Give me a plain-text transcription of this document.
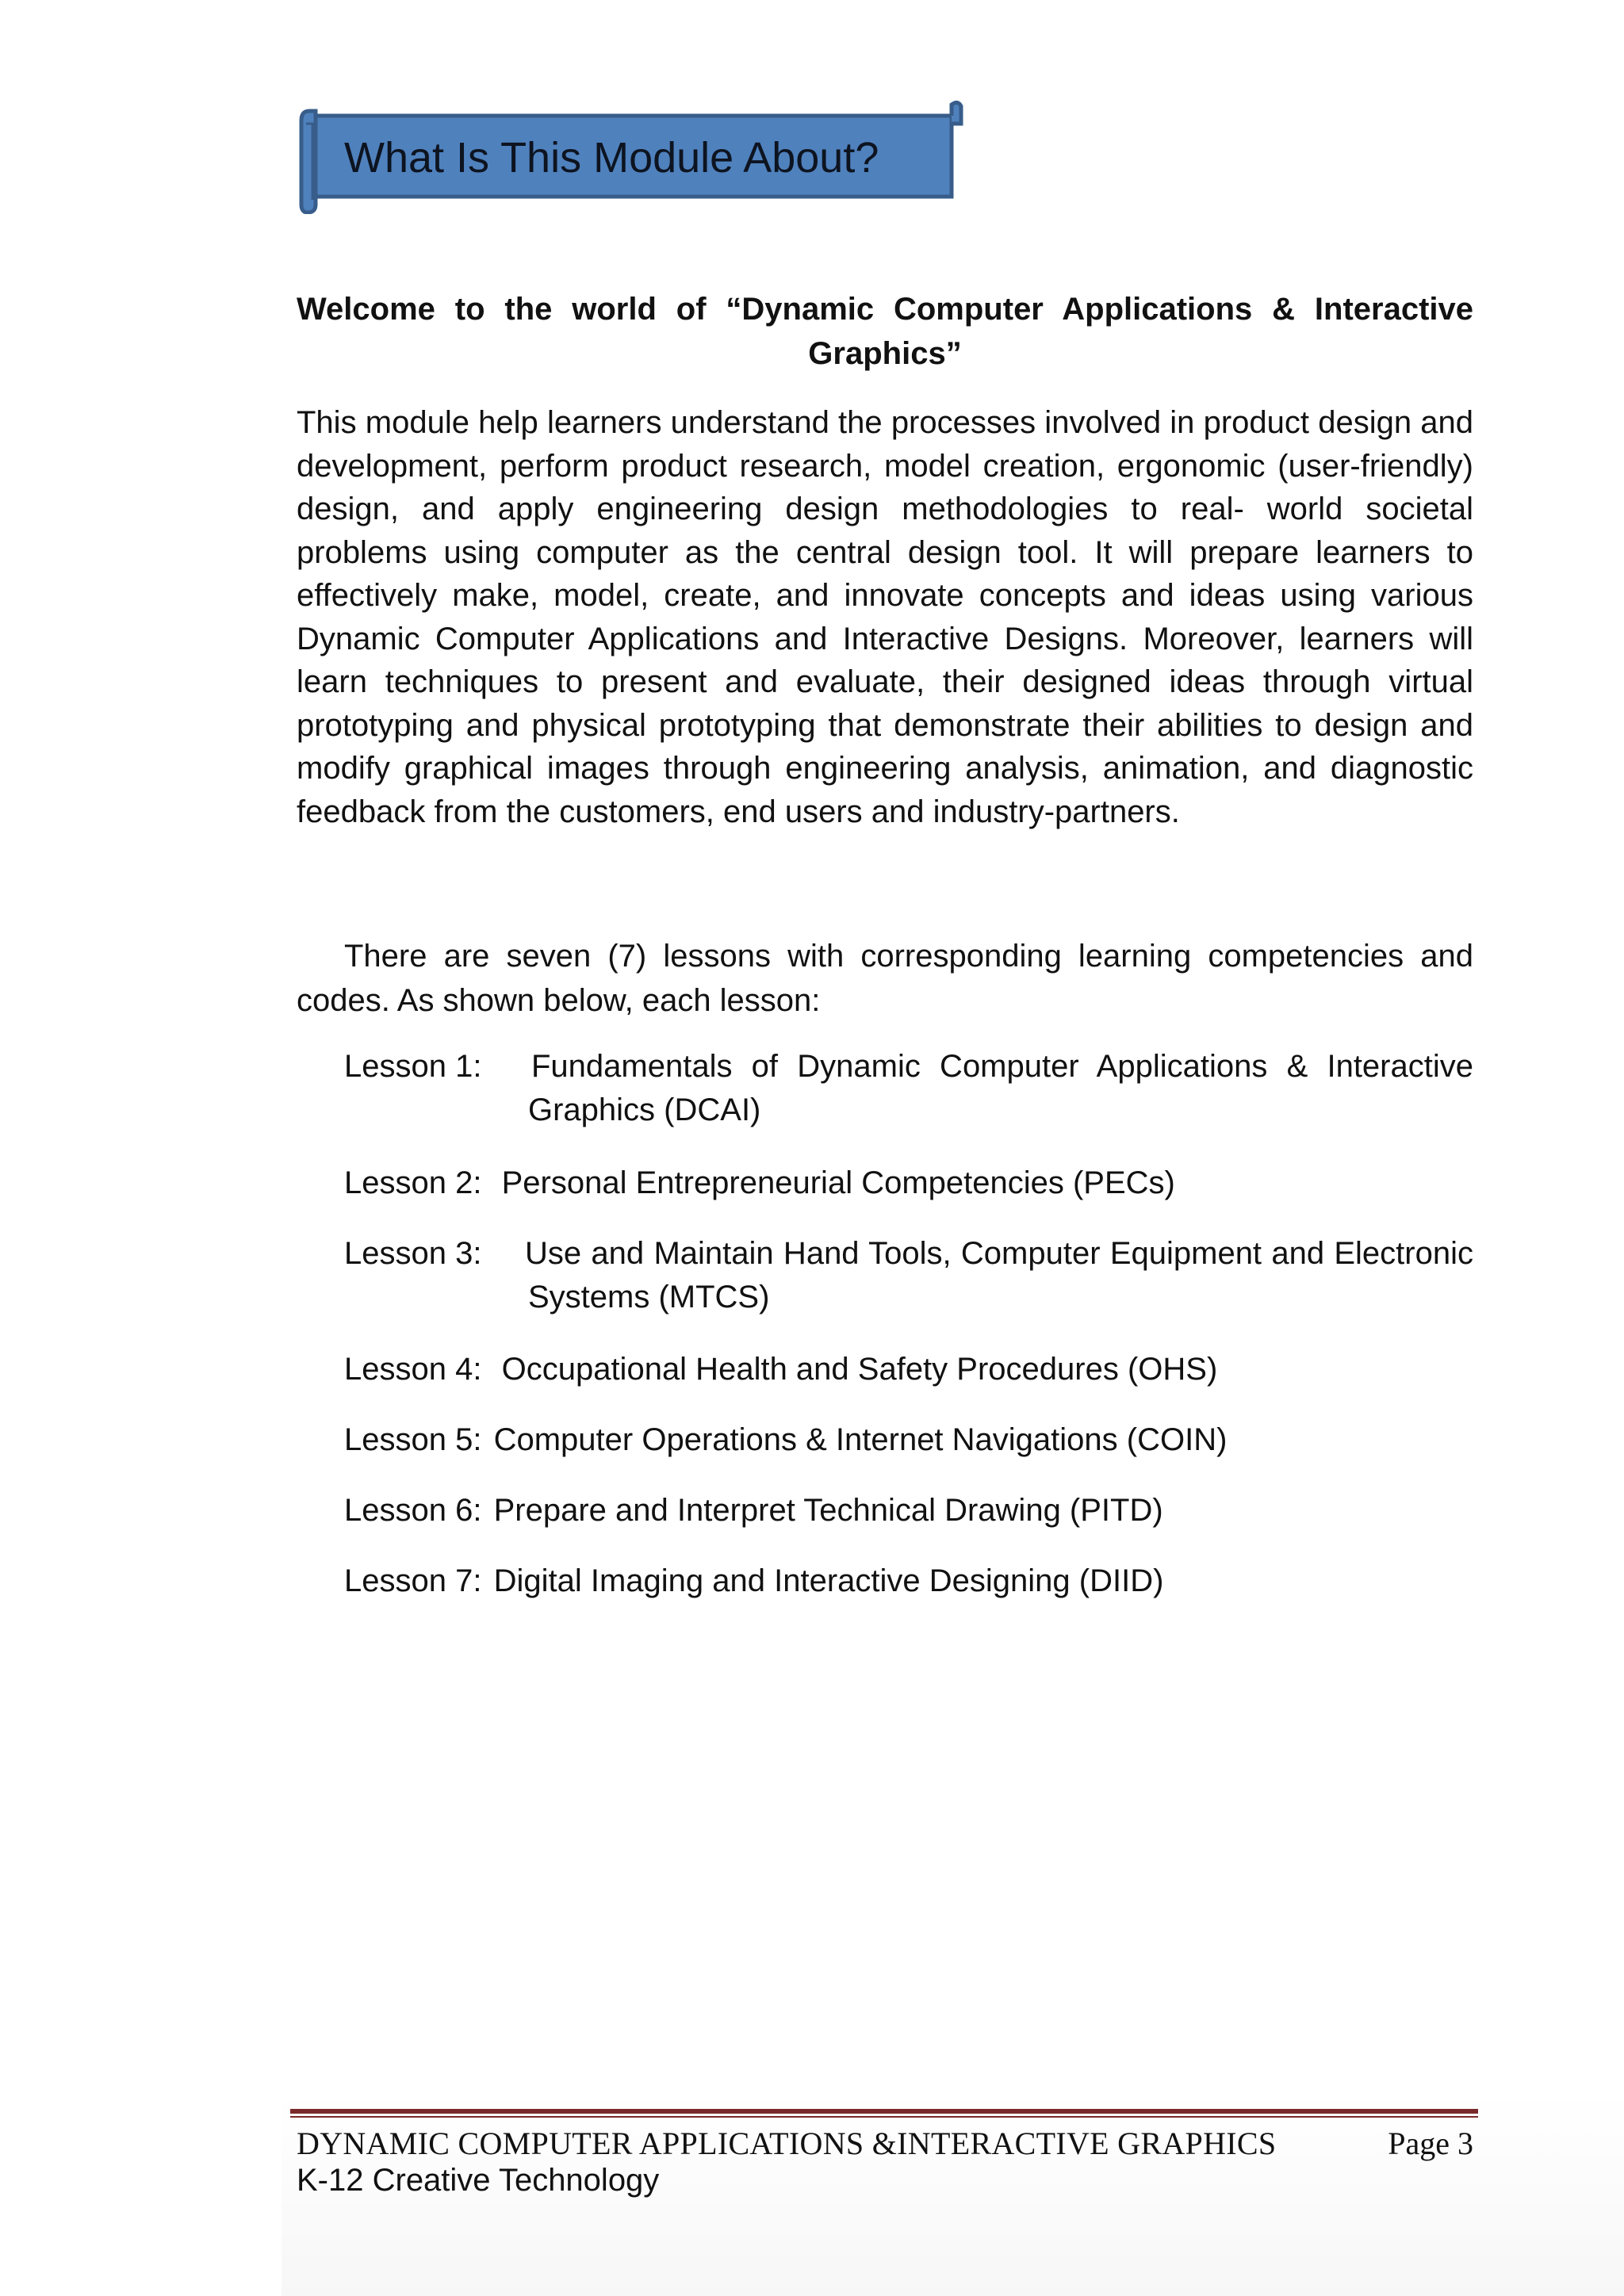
What Is This Module About?
Welcome to the world of “Dynamic Computer Applications & Interactive Graphics”

This module help learners understand the processes involved in product design and development, perform product research, model creation, ergonomic (user-friendly) design, and apply engineering design methodologies to real- world societal problems using computer as the central design tool. It will prepare learners to effectively make, model, create, and innovate concepts and ideas using various Dynamic Computer Applications and Interactive Designs. Moreover, learners will learn techniques to present and evaluate, their designed ideas through virtual prototyping and physical prototyping that demonstrate their abilities to design and modify graphical images through engineering analysis, animation, and diagnostic feedback from the customers, end users and industry-partners.

There are seven (7) lessons with corresponding learning competencies and codes. As shown below, each lesson:

Lesson 1: Fundamentals of Dynamic Computer Applications & Interactive
Graphics (DCAI)
Lesson 2: Personal Entrepreneurial Competencies (PECs)
Lesson 3: Use and Maintain Hand Tools, Computer Equipment and Electronic
Systems (MTCS)
Lesson 4: Occupational Health and Safety Procedures (OHS)
Lesson 5: Computer Operations & Internet Navigations (COIN)
Lesson 6: Prepare and Interpret Technical Drawing (PITD)
Lesson 7: Digital Imaging and Interactive Designing (DIID)
DYNAMIC COMPUTER APPLICATIONS &INTERACTIVE GRAPHICS	Page 3
K-12 Creative Technology
